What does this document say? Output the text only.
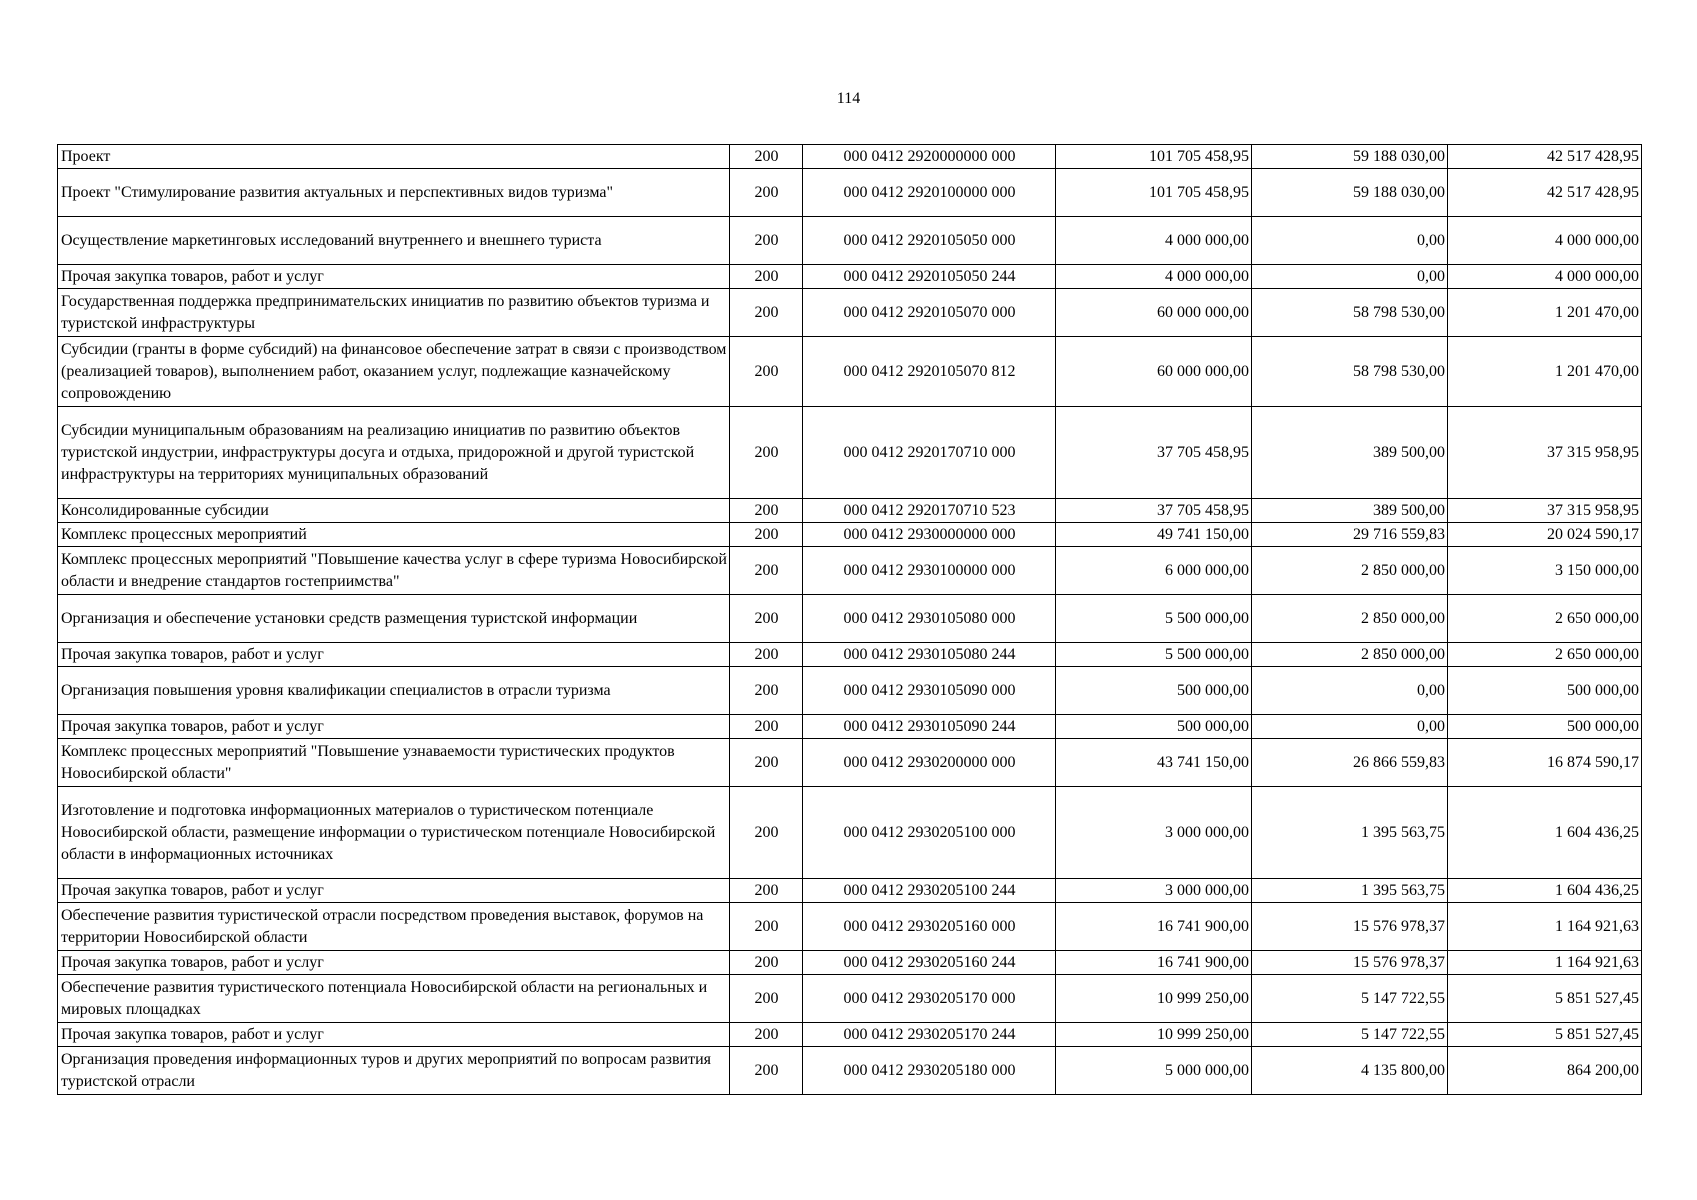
114
Проект	200	000 0412 2920000000 000	101 705 458,95	59 188 030,00	42 517 428,95
Проект "Стимулирование развития актуальных и перспективных видов туризма"	200	000 0412 2920100000 000	101 705 458,95	59 188 030,00	42 517 428,95
Осуществление маркетинговых исследований внутреннего и внешнего туриста	200	000 0412 2920105050 000	4 000 000,00	0,00	4 000 000,00
Прочая закупка товаров, работ и услуг	200	000 0412 2920105050 244	4 000 000,00	0,00	4 000 000,00
Государственная поддержка предпринимательских инициатив по развитию объектов туризма и туристской инфраструктуры	200	000 0412 2920105070 000	60 000 000,00	58 798 530,00	1 201 470,00
Субсидии (гранты в форме субсидий) на финансовое обеспечение затрат в связи с производством (реализацией товаров), выполнением работ, оказанием услуг, подлежащие казначейскому сопровождению	200	000 0412 2920105070 812	60 000 000,00	58 798 530,00	1 201 470,00
Субсидии муниципальным образованиям на реализацию инициатив по развитию объектов туристской индустрии, инфраструктуры досуга и отдыха, придорожной и другой туристской инфраструктуры на территориях муниципальных образований	200	000 0412 2920170710 000	37 705 458,95	389 500,00	37 315 958,95
Консолидированные субсидии	200	000 0412 2920170710 523	37 705 458,95	389 500,00	37 315 958,95
Комплекс процессных мероприятий	200	000 0412 2930000000 000	49 741 150,00	29 716 559,83	20 024 590,17
Комплекс процессных мероприятий "Повышение качества услуг в сфере туризма Новосибирской области и внедрение стандартов гостеприимства"	200	000 0412 2930100000 000	6 000 000,00	2 850 000,00	3 150 000,00
Организация и обеспечение установки средств размещения туристской информации	200	000 0412 2930105080 000	5 500 000,00	2 850 000,00	2 650 000,00
Прочая закупка товаров, работ и услуг	200	000 0412 2930105080 244	5 500 000,00	2 850 000,00	2 650 000,00
Организация повышения уровня квалификации специалистов в отрасли туризма	200	000 0412 2930105090 000	500 000,00	0,00	500 000,00
Прочая закупка товаров, работ и услуг	200	000 0412 2930105090 244	500 000,00	0,00	500 000,00
Комплекс процессных мероприятий "Повышение узнаваемости туристических продуктов Новосибирской области"	200	000 0412 2930200000 000	43 741 150,00	26 866 559,83	16 874 590,17
Изготовление и подготовка информационных материалов о туристическом потенциале Новосибирской области, размещение информации о туристическом потенциале Новосибирской области в информационных источниках	200	000 0412 2930205100 000	3 000 000,00	1 395 563,75	1 604 436,25
Прочая закупка товаров, работ и услуг	200	000 0412 2930205100 244	3 000 000,00	1 395 563,75	1 604 436,25
Обеспечение развития туристической отрасли посредством проведения выставок, форумов на территории Новосибирской области	200	000 0412 2930205160 000	16 741 900,00	15 576 978,37	1 164 921,63
Прочая закупка товаров, работ и услуг	200	000 0412 2930205160 244	16 741 900,00	15 576 978,37	1 164 921,63
Обеспечение развития туристического потенциала Новосибирской области на региональных и мировых площадках	200	000 0412 2930205170 000	10 999 250,00	5 147 722,55	5 851 527,45
Прочая закупка товаров, работ и услуг	200	000 0412 2930205170 244	10 999 250,00	5 147 722,55	5 851 527,45
Организация проведения информационных туров и других мероприятий по вопросам развития туристской отрасли	200	000 0412 2930205180 000	5 000 000,00	4 135 800,00	864 200,00
